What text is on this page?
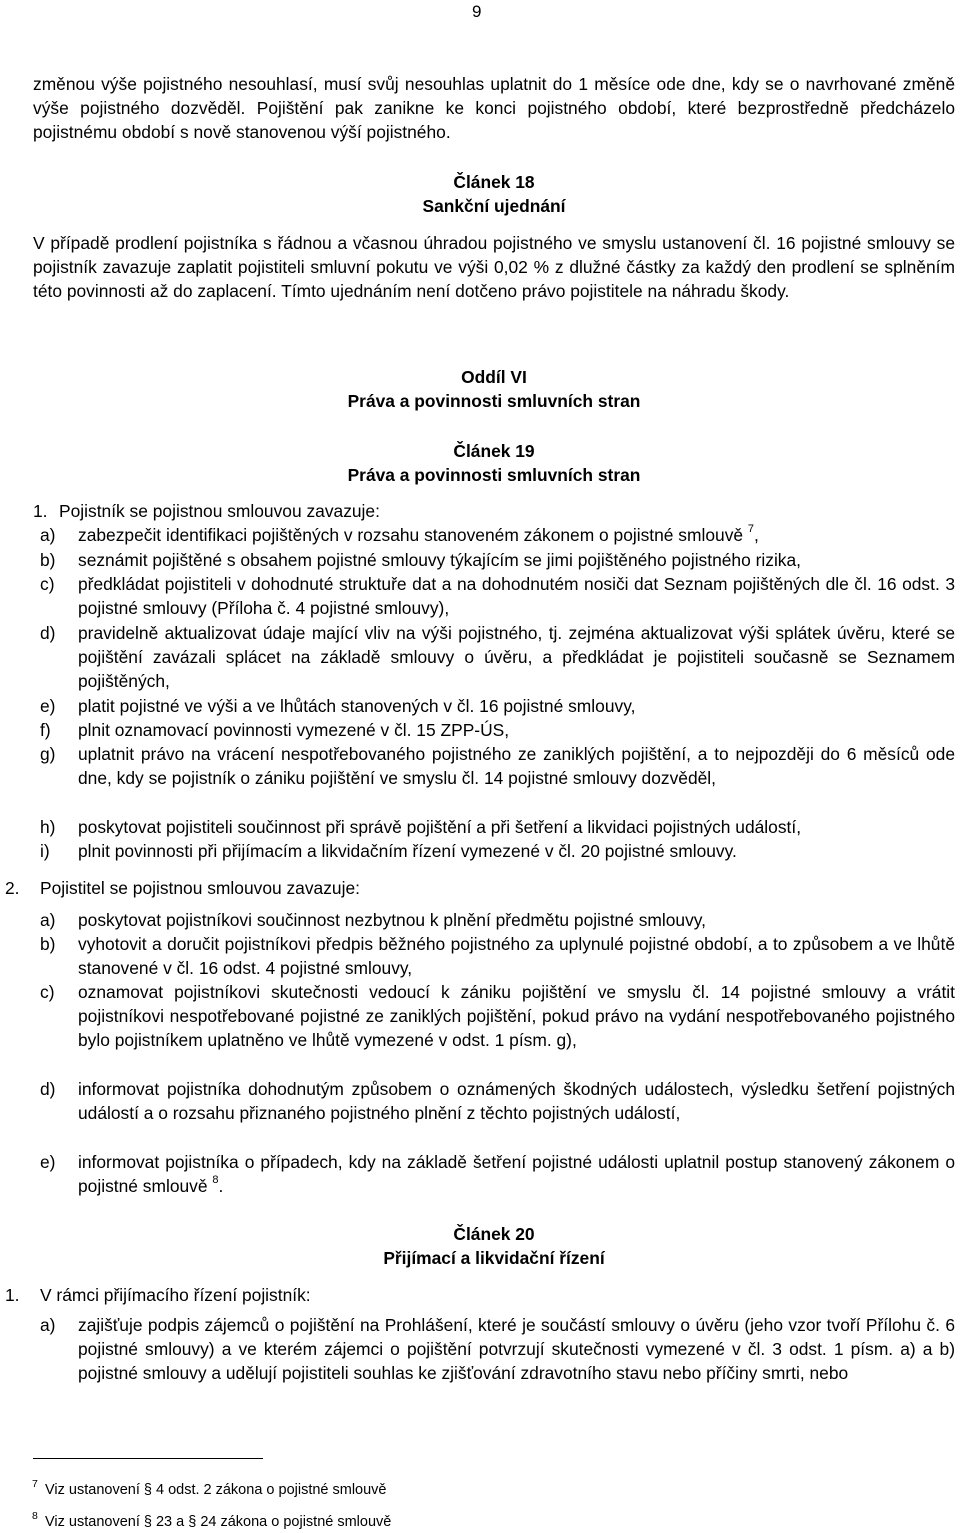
9

změnou výše pojistného nesouhlasí, musí svůj nesouhlas uplatnit do 1 měsíce ode dne, kdy se o navrhované změně výše pojistného dozvěděl. Pojištění pak zanikne ke konci pojistného období, které bezprostředně předcházelo pojistnému období s nově stanovenou výší pojistného.

Článek 18
Sankční ujednání

V případě prodlení pojistníka s řádnou a včasnou úhradou pojistného ve smyslu ustanovení čl. 16 pojistné smlouvy se pojistník zavazuje zaplatit pojistiteli smluvní pokutu ve výši 0,02 % z dlužné částky za každý den prodlení se splněním této povinnosti až do zaplacení. Tímto ujednáním není dotčeno právo pojistitele na náhradu škody.

Oddíl VI
Práva a povinnosti smluvních stran
Článek 19
Práva a povinnosti smluvních stran
1. Pojistník se pojistnou smlouvou zavazuje:
a) zabezpečit identifikaci pojištěných v rozsahu stanoveném zákonem o pojistné smlouvě $^7$,

b) seznámit pojištěné s obsahem pojistné smlouvy týkajícím se jimi pojištěného pojistného rizika,

c) předkládat pojistiteli v dohodnuté struktuře dat a na dohodnutém nosiči dat Seznam pojištěných dle čl. 16 odst. 3 pojistné smlouvy (Příloha č. 4 pojistné smlouvy),

d) pravidelně aktualizovat údaje mající vliv na výši pojistného, tj. zejména aktualizovat výši splátek úvěru, které se pojištění zavázali splácet na základě smlouvy o úvěru, a předkládat je pojistiteli současně se Seznamem pojištěných,

e) platit pojistné ve výši a ve lhůtách stanovených v čl. 16 pojistné smlouvy,

f) plnit oznamovací povinnosti vymezené v čl. 15 ZPP-ÚS,

g) uplatnit právo na vrácení nespotřebovaného pojistného ze zaniklých pojištění, a to nejpozději do 6 měsíců ode dne, kdy se pojistník o zániku pojištění ve smyslu čl. 14 pojistné smlouvy dozvěděl,

h) poskytovat pojistiteli součinnost při správě pojištění a při šetření a likvidaci pojistných událostí,

i) plnit povinnosti při přijímacím a likvidačním řízení vymezené v čl. 20 pojistné smlouvy.

2. Pojistitel se pojistnou smlouvou zavazuje:
a) poskytovat pojistníkovi součinnost nezbytnou k plnění předmětu pojistné smlouvy,

b) vyhotovit a doručit pojistníkovi předpis běžného pojistného za uplynulé pojistné období, a to způsobem a ve lhůtě stanovené v čl. 16 odst. 4 pojistné smlouvy,

c) oznamovat pojistníkovi skutečnosti vedoucí k zániku pojištění ve smyslu čl. 14 pojistné smlouvy a vrátit pojistníkovi nespotřebované pojistné ze zaniklých pojištění, pokud právo na vydání nespotřebovaného pojistného bylo pojistníkem uplatněno ve lhůtě vymezené v odst. 1 písm. g),

d) informovat pojistníka dohodnutým způsobem o oznámených škodných událostech, výsledku šetření pojistných událostí a o rozsahu přiznaného pojistného plnění z těchto pojistných událostí,

e) informovat pojistníka o případech, kdy na základě šetření pojistné události uplatnil postup stanovený zákonem o pojistné smlouvě $^8$.

Článek 20
Přijímací a likvidační řízení
1. V rámci přijímacího řízení pojistník:
a) zajišťuje podpis zájemců o pojištění na Prohlášení, které je součástí smlouvy o úvěru (jeho vzor tvoří Přílohu č. 6 pojistné smlouvy) a ve kterém zájemci o pojištění potvrzují skutečnosti vymezené v čl. 3 odst. 1 písm. a) a b) pojistné smlouvy a udělují pojistiteli souhlas ke zjišťování zdravotního stavu nebo příčiny smrti, nebo

7 Viz ustanovení § 4 odst. 2 zákona o pojistné smlouvě
8 Viz ustanovení § 23 a § 24 zákona o pojistné smlouvě
